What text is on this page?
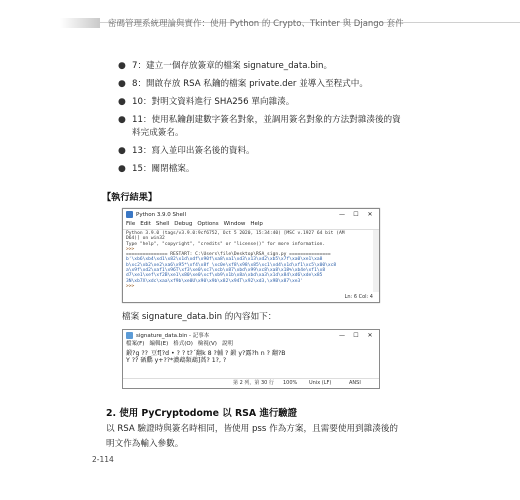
密碼管理系統理論與實作：使用 Python 的 Crypto、Tkinter 與 Django 套件
● 7：建立一個存放簽章的檔案 signature_data.bin。
● 8：開啟存放 RSA 私鑰的檔案 private.der 並導入至程式中。
● 10：對明文資料進行 SHA256 單向雜湊。
● 11：使用私鑰創建數字簽名對象，並調用簽名對象的方法對雜湊後的資料完成簽名。
● 13：寫入並印出簽名後的資料。
● 15：關閉檔案。
【執行結果】
Python 3.9.0 Shell	—	☐	✕
File Edit Shell Debug Options Window Help
Python 3.9.0 (tags/v3.9.0:9cf6752, Oct 5 2020, 15:34:40) [MSC v.1927 64 bit (AM
D64)] on win32
Type "help", "copyright", "credits" or "license()" for more information.
>>>
=============== RESTART: C:\Users\file\Desktop\RSA_sign.py ===============
b'\xb6\xb4\xd1\x82\x1d\xdf\x90f\xa8\xa1\xd3\x13\xd2\xb5\x7f\xa0\xe1\xa8
b\xc2\xb2\xe2\xa6\x95*\xf4\x8f \xc0e\xf8\x98\x85\xc1\xd4\x1d\xf1\xc5\x00\xc8
a\x9f\xd2\xaf1\x96T\xf3\xe0\xc7\xcb\x87\xbd\x99\xc8\xa8\x18%\xb4e\xf1\x8
d7\xe1\xef\xf2B\xe1\x80\xe0\xcf\xb9\x1b\x8a\xbd\xa3\x1d\x84\xd6\xde\x85
3N\xb7X\xdc\xaa\xf9b\xe0U\x90\x9b\x82\x94T\x92\xd3,\x9B\x87\xe3'
>>>
Ln: 6 Col: 4
檔案 signature_data.bin 的內容如下：
signature_data.bin - 記事本	—	☐	✕
檔案(F) 編輯(E) 格式(O) 檢視(V) 說明
鍛?g ??_豆f[?d • ? ? t?´翻k 8 ?輔 ? 鍛 y?露?h n ? 翻?B
Y ?? 硒鵬 y+??*濃鵡類鵡]萵? 1?, ?
第 2 列，第 30 行 100% Unix (LF)	ANSI
2. 使用 PyCryptodome 以 RSA 進行驗證
以 RSA 驗證時與簽名時相同，皆使用 pss 作為方案，且需要使用到雜湊後的明文作為輸入參數。
2-114
